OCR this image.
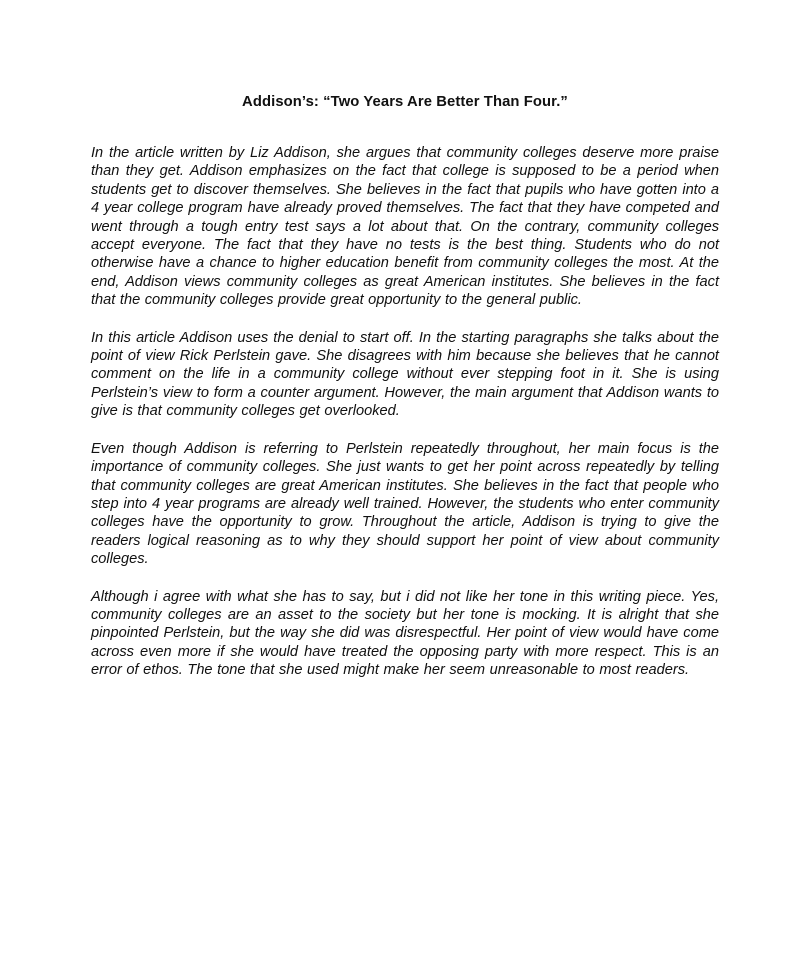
Addison’s: “Two Years Are Better Than Four.”

In the article written by Liz Addison, she argues that community colleges deserve more praise than they get. Addison emphasizes on the fact that college is supposed to be a period when students get to discover themselves. She believes in the fact that pupils who have gotten into a 4 year college program have already proved themselves. The fact that they have competed and went through a tough entry test says a lot about that. On the contrary, community colleges accept everyone. The fact that they have no tests is the best thing. Students who do not otherwise have a chance to higher education benefit from community colleges the most. At the end, Addison views community colleges as great American institutes. She believes in the fact that the community colleges provide great opportunity to the general public.

In this article Addison uses the denial to start off. In the starting paragraphs she talks about the point of view Rick Perlstein gave. She disagrees with him because she believes that he cannot comment on the life in a community college without ever stepping foot in it. She is using Perlstein’s view to form a counter argument. However, the main argument that Addison wants to give is that community colleges get overlooked.

Even though Addison is referring to Perlstein repeatedly throughout, her main focus is the importance of community colleges. She just wants to get her point across repeatedly by telling that community colleges are great American institutes. She believes in the fact that people who step into 4 year programs are already well trained. However, the students who enter community colleges have the opportunity to grow. Throughout the article, Addison is trying to give the readers logical reasoning as to why they should support her point of view about community colleges.

Although i agree with what she has to say, but i did not like her tone in this writing piece. Yes, community colleges are an asset to the society but her tone is mocking. It is alright that she pinpointed Perlstein, but the way she did was disrespectful. Her point of view would have come across even more if she would have treated the opposing party with more respect. This is an error of ethos. The tone that she used might make her seem unreasonable to most readers.
